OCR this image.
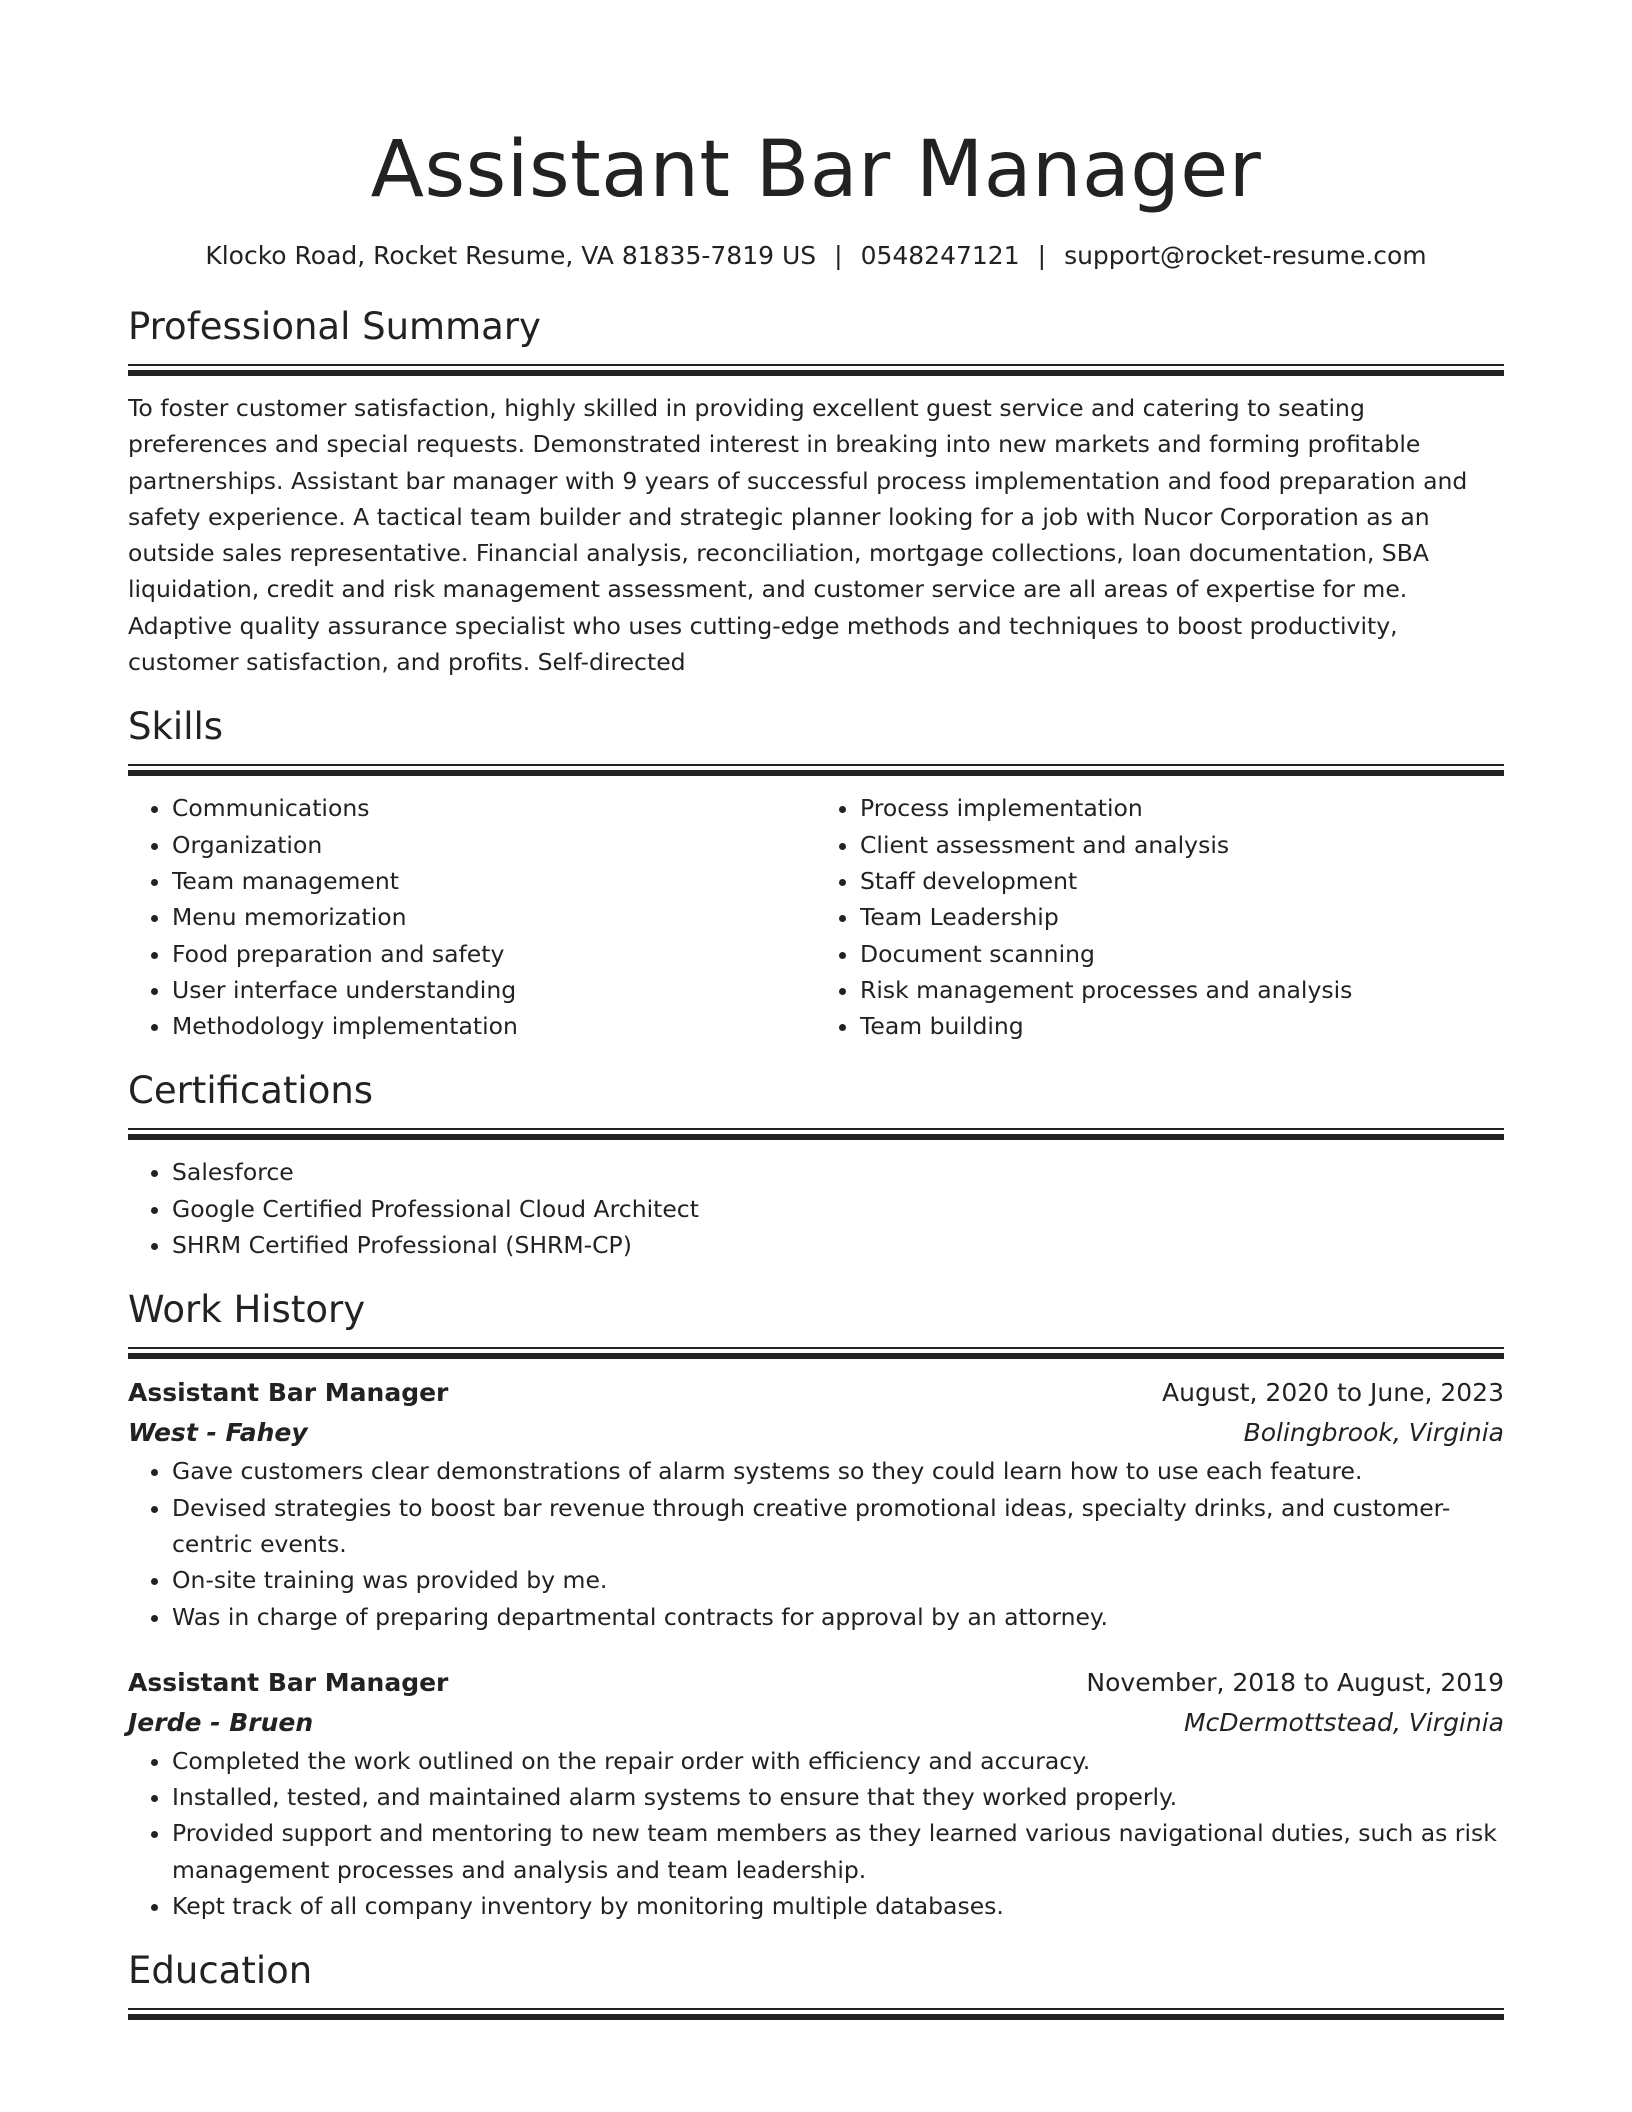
Assistant Bar Manager
Klocko Road, Rocket Resume, VA 81835-7819 US | 0548247121 | support@rocket-resume.com
Professional Summary

To foster customer satisfaction, highly skilled in providing excellent guest service and catering to seating preferences and special requests. Demonstrated interest in breaking into new markets and forming profitable partnerships. Assistant bar manager with 9 years of successful process implementation and food preparation and safety experience. A tactical team builder and strategic planner looking for a job with Nucor Corporation as an outside sales representative. Financial analysis, reconciliation, mortgage collections, loan documentation, SBA liquidation, credit and risk management assessment, and customer service are all areas of expertise for me. Adaptive quality assurance specialist who uses cutting-edge methods and techniques to boost productivity, customer satisfaction, and profits. Self-directed

Skills
• Communications
• Organization
• Team management
• Menu memorization
• Food preparation and safety
• User interface understanding
• Methodology implementation
• Process implementation
• Client assessment and analysis
• Staff development
• Team Leadership
• Document scanning
• Risk management processes and analysis
• Team building
Certifications
• Salesforce
• Google Certified Professional Cloud Architect
• SHRM Certified Professional (SHRM-CP)
Work History
Assistant Bar Manager	August, 2020 to June, 2023
West - Fahey	Bolingbrook, Virginia
• Gave customers clear demonstrations of alarm systems so they could learn how to use each feature.
• Devised strategies to boost bar revenue through creative promotional ideas, specialty drinks, and customer-centric events.
• On-site training was provided by me.
• Was in charge of preparing departmental contracts for approval by an attorney.
Assistant Bar Manager	November, 2018 to August, 2019
Jerde - Bruen	McDermottstead, Virginia
• Completed the work outlined on the repair order with efficiency and accuracy.
• Installed, tested, and maintained alarm systems to ensure that they worked properly.
• Provided support and mentoring to new team members as they learned various navigational duties, such as risk management processes and analysis and team leadership.
• Kept track of all company inventory by monitoring multiple databases.
Education
